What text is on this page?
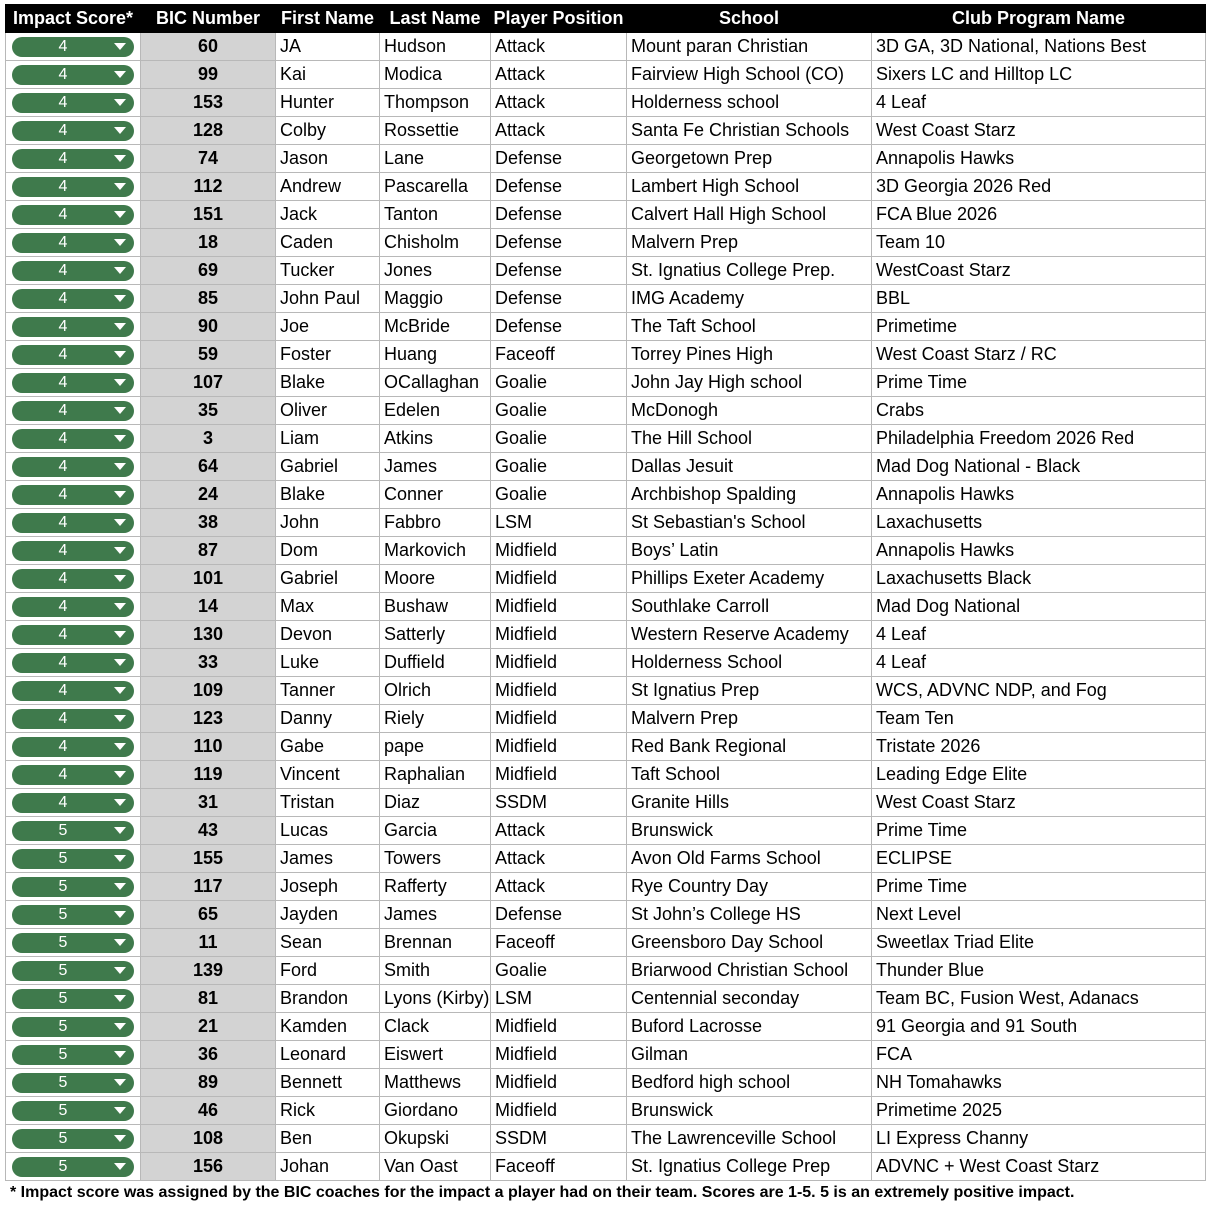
Impact Score*	BIC Number	First Name	Last Name	Player Position	School	Club Program Name

4	60	JA	Hudson	Attack	Mount paran Christian	3D GA, 3D National, Nations Best

4	99	Kai	Modica	Attack	Fairview High School (CO)	Sixers LC and Hilltop LC

4	153	Hunter	Thompson	Attack	Holderness school	4 Leaf

4	128	Colby	Rossettie	Attack	Santa Fe Christian Schools	West Coast Starz

4	74	Jason	Lane	Defense	Georgetown Prep	Annapolis Hawks

4	112	Andrew	Pascarella	Defense	Lambert High School	3D Georgia 2026 Red

4	151	Jack	Tanton	Defense	Calvert Hall High School	FCA Blue 2026

4	18	Caden	Chisholm	Defense	Malvern Prep	Team 10

4	69	Tucker	Jones	Defense	St. Ignatius College Prep.	WestCoast Starz

4	85	John Paul	Maggio	Defense	IMG Academy	BBL

4	90	Joe	McBride	Defense	The Taft School	Primetime

4	59	Foster	Huang	Faceoff	Torrey Pines High	West Coast Starz / RC

4	107	Blake	OCallaghan	Goalie	John Jay High school	Prime Time

4	35	Oliver	Edelen	Goalie	McDonogh	Crabs

4	3	Liam	Atkins	Goalie	The Hill School	Philadelphia Freedom 2026 Red

4	64	Gabriel	James	Goalie	Dallas Jesuit	Mad Dog National - Black

4	24	Blake	Conner	Goalie	Archbishop Spalding	Annapolis Hawks

4	38	John	Fabbro	LSM	St Sebastian's School	Laxachusetts

4	87	Dom	Markovich	Midfield	Boys’ Latin	Annapolis Hawks

4	101	Gabriel	Moore	Midfield	Phillips Exeter Academy	Laxachusetts Black

4	14	Max	Bushaw	Midfield	Southlake Carroll	Mad Dog National

4	130	Devon	Satterly	Midfield	Western Reserve Academy	4 Leaf

4	33	Luke	Duffield	Midfield	Holderness School	4 Leaf

4	109	Tanner	Olrich	Midfield	St Ignatius Prep	WCS, ADVNC NDP, and Fog

4	123	Danny	Riely	Midfield	Malvern Prep	Team Ten

4	110	Gabe	pape	Midfield	Red Bank Regional	Tristate 2026

4	119	Vincent	Raphalian	Midfield	Taft School	Leading Edge Elite

4	31	Tristan	Diaz	SSDM	Granite Hills	West Coast Starz

5	43	Lucas	Garcia	Attack	Brunswick	Prime Time

5	155	James	Towers	Attack	Avon Old Farms School	ECLIPSE

5	117	Joseph	Rafferty	Attack	Rye Country Day	Prime Time

5	65	Jayden	James	Defense	St John’s College HS	Next Level

5	11	Sean	Brennan	Faceoff	Greensboro Day School	Sweetlax Triad Elite

5	139	Ford	Smith	Goalie	Briarwood Christian School	Thunder Blue

5	81	Brandon	Lyons (Kirby)	LSM	Centennial seconday	Team BC, Fusion West, Adanacs

5	21	Kamden	Clack	Midfield	Buford Lacrosse	91 Georgia and 91 South

5	36	Leonard	Eiswert	Midfield	Gilman	FCA

5	89	Bennett	Matthews	Midfield	Bedford high school	NH Tomahawks

5	46	Rick	Giordano	Midfield	Brunswick	Primetime 2025

5	108	Ben	Okupski	SSDM	The Lawrenceville School	LI Express Channy

5	156	Johan	Van Oast	Faceoff	St. Ignatius College Prep	ADVNC + West Coast Starz
* Impact score was assigned by the BIC coaches for the impact a player had on their team. Scores are 1-5. 5 is an extremely positive impact.
